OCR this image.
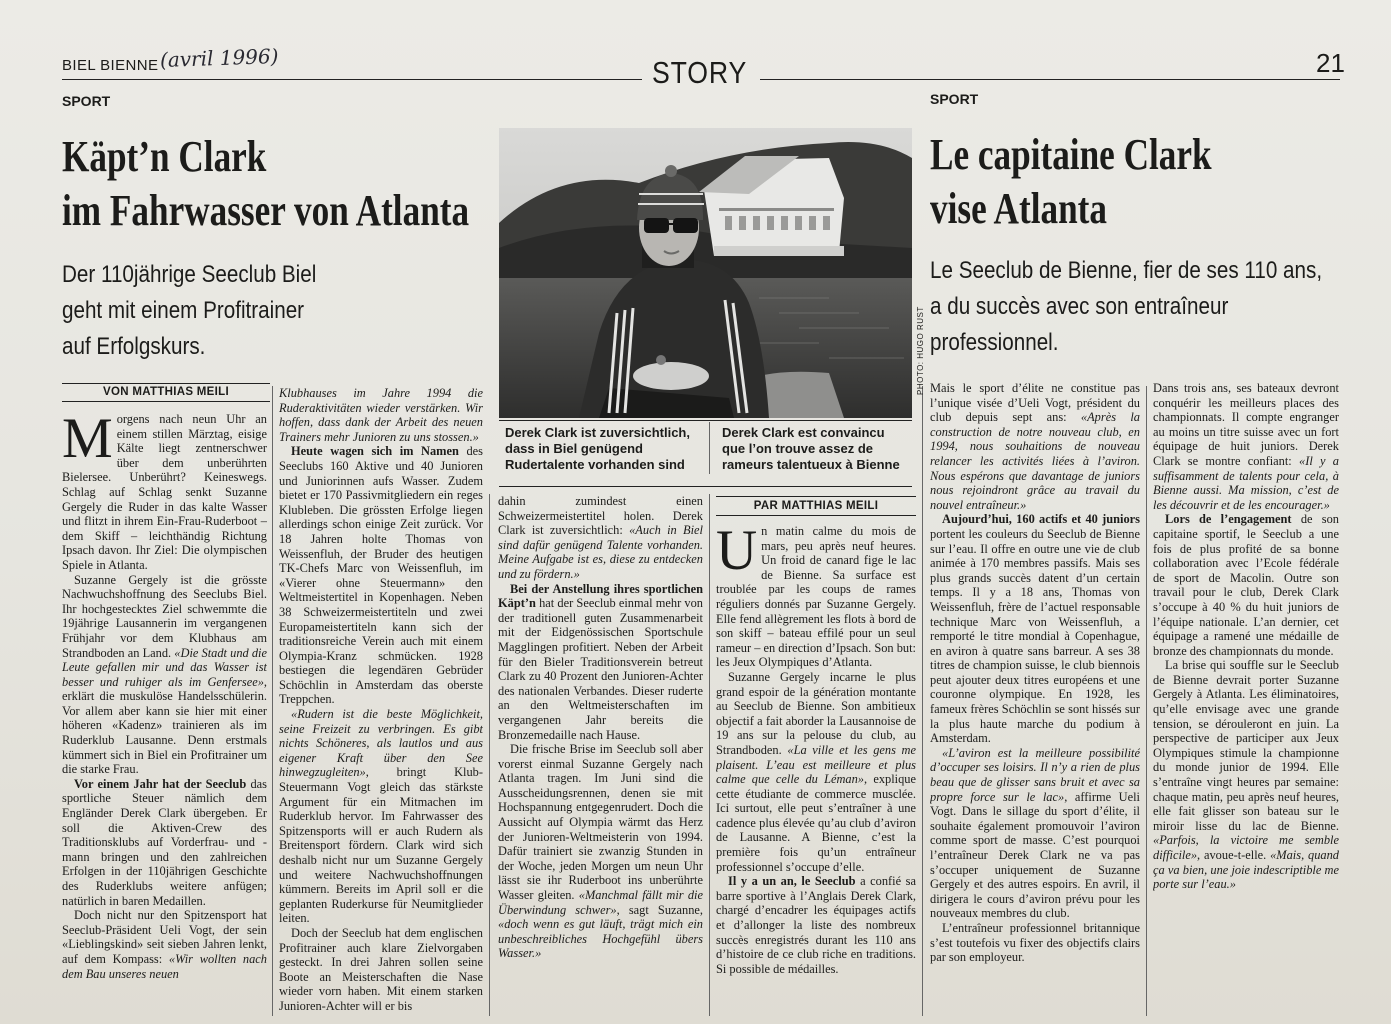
BIEL BIENNE (avril 1996)	STORY	21
SPORT
Käpt’n Clark
im Fahrwasser von Atlanta
Der 110jährige Seeclub Biel
geht mit einem Profitrainer
auf Erfolgskurs.
VON MATTHIAS MEILI

Morgens nach neun Uhr an einem stillen Märztag, eisige Kälte liegt zentnerschwer über dem unberührten Bielersee. Unberührt? Keineswegs. Schlag auf Schlag senkt Suzanne Gergely die Ruder in das kalte Wasser und flitzt in ihrem Ein-Frau-Ruderboot – dem Skiff – leichthändig Richtung Ipsach davon. Ihr Ziel: Die olympischen Spiele in Atlanta.

Suzanne Gergely ist die grösste Nachwuchshoffnung des Seeclubs Biel. Ihr hochgestecktes Ziel schwemmte die 19jährige Lausannerin im vergangenen Frühjahr vor dem Klubhaus am Strandboden an Land. «Die Stadt und die Leute gefallen mir und das Wasser ist besser und ruhiger als im Genfersee», erklärt die muskulöse Handelsschülerin. Vor allem aber kann sie hier mit einer höheren «Kadenz» trainieren als im Ruderklub Lausanne. Denn erstmals kümmert sich in Biel ein Profitrainer um die starke Frau.

Vor einem Jahr hat der Seeclub das sportliche Steuer nämlich dem Engländer Derek Clark übergeben. Er soll die Aktiven-Crew des Traditionsklubs auf Vorderfrau- und -mann bringen und den zahlreichen Erfolgen in der 110jährigen Geschichte des Ruderklubs weitere anfügen; natürlich in baren Medaillen.

Doch nicht nur den Spitzensport hat Seeclub-Präsident Ueli Vogt, der sein «Lieblingskind» seit sieben Jahren lenkt, auf dem Kompass: «Wir wollten nach dem Bau unseres neuen

Klubhauses im Jahre 1994 die Ruderaktivitäten wieder verstärken. Wir hoffen, dass dank der Arbeit des neuen Trainers mehr Junioren zu uns stossen.»

Heute wagen sich im Namen des Seeclubs 160 Aktive und 40 Junioren und Juniorinnen aufs Wasser. Zudem bietet er 170 Passivmitgliedern ein reges Klubleben. Die grössten Erfolge liegen allerdings schon einige Zeit zurück. Vor 18 Jahren holte Thomas von Weissenfluh, der Bruder des heutigen TK-Chefs Marc von Weissenfluh, im «Vierer ohne Steuermann» den Weltmeistertitel in Kopenhagen. Neben 38 Schweizermeistertiteln und zwei Europameistertiteln kann sich der traditionsreiche Verein auch mit einem Olympia-Kranz schmücken. 1928 bestiegen die legendären Gebrüder Schöchlin in Amsterdam das oberste Treppchen.

«Rudern ist die beste Möglichkeit, seine Freizeit zu verbringen. Es gibt nichts Schöneres, als lautlos und aus eigener Kraft über den See hinwegzugleiten», bringt Klub-Steuermann Vogt gleich das stärkste Argument für ein Mitmachen im Ruderklub hervor. Im Fahrwasser des Spitzensports will er auch Rudern als Breitensport fördern. Clark wird sich deshalb nicht nur um Suzanne Gergely und weitere Nachwuchshoffnungen kümmern. Bereits im April soll er die geplanten Ruderkurse für Neumitglieder leiten.

Doch der Seeclub hat dem englischen Profitrainer auch klare Zielvorgaben gesteckt. In drei Jahren sollen seine Boote an Meisterschaften die Nase wieder vorn haben. Mit einem starken Junioren-Achter will er bis

PHOTO: HUGO RUST
Derek Clark ist zuversichtlich, dass in Biel genügend Rudertalente vorhanden sind
Derek Clark est convaincu que l’on trouve assez de rameurs talentueux à Bienne

dahin zumindest einen Schweizermeistertitel holen. Derek Clark ist zuversichtlich: «Auch in Biel sind dafür genügend Talente vorhanden. Meine Aufgabe ist es, diese zu entdecken und zu fördern.»

Bei der Anstellung ihres sportlichen Käpt’n hat der Seeclub einmal mehr von der traditionell guten Zusammenarbeit mit der Eidgenössischen Sportschule Magglingen profitiert. Neben der Arbeit für den Bieler Traditionsverein betreut Clark zu 40 Prozent den Junioren-Achter des nationalen Verbandes. Dieser ruderte an den Weltmeisterschaften im vergangenen Jahr bereits die Bronzemedaille nach Hause.

Die frische Brise im Seeclub soll aber vorerst einmal Suzanne Gergely nach Atlanta tragen. Im Juni sind die Ausscheidungsrennen, denen sie mit Hochspannung entgegenrudert. Doch die Aussicht auf Olympia wärmt das Herz der Junioren-Weltmeisterin von 1994. Dafür trainiert sie zwanzig Stunden in der Woche, jeden Morgen um neun Uhr lässt sie ihr Ruderboot ins unberührte Wasser gleiten. «Manchmal fällt mir die Überwindung schwer», sagt Suzanne, «doch wenn es gut läuft, trägt mich ein unbeschreibliches Hochgefühl übers Wasser.»

SPORT
Le capitaine Clark
vise Atlanta
Le Seeclub de Bienne, fier de ses 110 ans,
a du succès avec son entraîneur
professionnel.
PAR MATTHIAS MEILI

Un matin calme du mois de mars, peu après neuf heures. Un froid de canard fige le lac de Bienne. Sa surface est troublée par les coups de rames réguliers donnés par Suzanne Gergely. Elle fend allègrement les flots à bord de son skiff – bateau effilé pour un seul rameur – en direction d’Ipsach. Son but: les Jeux Olympiques d’Atlanta.

Suzanne Gergely incarne le plus grand espoir de la génération montante au Seeclub de Bienne. Son ambitieux objectif a fait aborder la Lausannoise de 19 ans sur la pelouse du club, au Strandboden. «La ville et les gens me plaisent. L’eau est meilleure et plus calme que celle du Léman», explique cette étudiante de commerce musclée. Ici surtout, elle peut s’entraîner à une cadence plus élevée qu’au club d’aviron de Lausanne. A Bienne, c’est la première fois qu’un entraîneur professionnel s’occupe d’elle.

Il y a un an, le Seeclub a confié sa barre sportive à l’Anglais Derek Clark, chargé d’encadrer les équipages actifs et d’allonger la liste des nombreux succès enregistrés durant les 110 ans d’histoire de ce club riche en traditions. Si possible de médailles.

Mais le sport d’élite ne constitue pas l’unique visée d’Ueli Vogt, président du club depuis sept ans: «Après la construction de notre nouveau club, en 1994, nous souhaitions de nouveau relancer les activités liées à l’aviron. Nous espérons que davantage de juniors nous rejoindront grâce au travail du nouvel entraîneur.»

Aujourd’hui, 160 actifs et 40 juniors portent les couleurs du Seeclub de Bienne sur l’eau. Il offre en outre une vie de club animée à 170 membres passifs. Mais ses plus grands succès datent d’un certain temps. Il y a 18 ans, Thomas von Weissenfluh, frère de l’actuel responsable technique Marc von Weissenfluh, a remporté le titre mondial à Copenhague, en aviron à quatre sans barreur. A ses 38 titres de champion suisse, le club biennois peut ajouter deux titres européens et une couronne olympique. En 1928, les fameux frères Schöchlin se sont hissés sur la plus haute marche du podium à Amsterdam.

«L’aviron est la meilleure possibilité d’occuper ses loisirs. Il n’y a rien de plus beau que de glisser sans bruit et avec sa propre force sur le lac», affirme Ueli Vogt. Dans le sillage du sport d’élite, il souhaite également promouvoir l’aviron comme sport de masse. C’est pourquoi l’entraîneur Derek Clark ne va pas s’occuper uniquement de Suzanne Gergely et des autres espoirs. En avril, il dirigera le cours d’aviron prévu pour les nouveaux membres du club.

L’entraîneur professionnel britannique s’est toutefois vu fixer des objectifs clairs par son employeur.

Dans trois ans, ses bateaux devront conquérir les meilleurs places des championnats. Il compte engranger au moins un titre suisse avec un fort équipage de huit juniors. Derek Clark se montre confiant: «Il y a suffisamment de talents pour cela, à Bienne aussi. Ma mission, c’est de les découvrir et de les encourager.»

Lors de l’engagement de son capitaine sportif, le Seeclub a une fois de plus profité de sa bonne collaboration avec l’Ecole fédérale de sport de Macolin. Outre son travail pour le club, Derek Clark s’occupe à 40 % du huit juniors de l’équipe nationale. L’an dernier, cet équipage a ramené une médaille de bronze des championnats du monde.

La brise qui souffle sur le Seeclub de Bienne devrait porter Suzanne Gergely à Atlanta. Les éliminatoires, qu’elle envisage avec une grande tension, se dérouleront en juin. La perspective de participer aux Jeux Olympiques stimule la championne du monde junior de 1994. Elle s’entraîne vingt heures par semaine: chaque matin, peu après neuf heures, elle fait glisser son bateau sur le miroir lisse du lac de Bienne. «Parfois, la victoire me semble difficile», avoue-t-elle. «Mais, quand ça va bien, une joie indescriptible me porte sur l’eau.»
